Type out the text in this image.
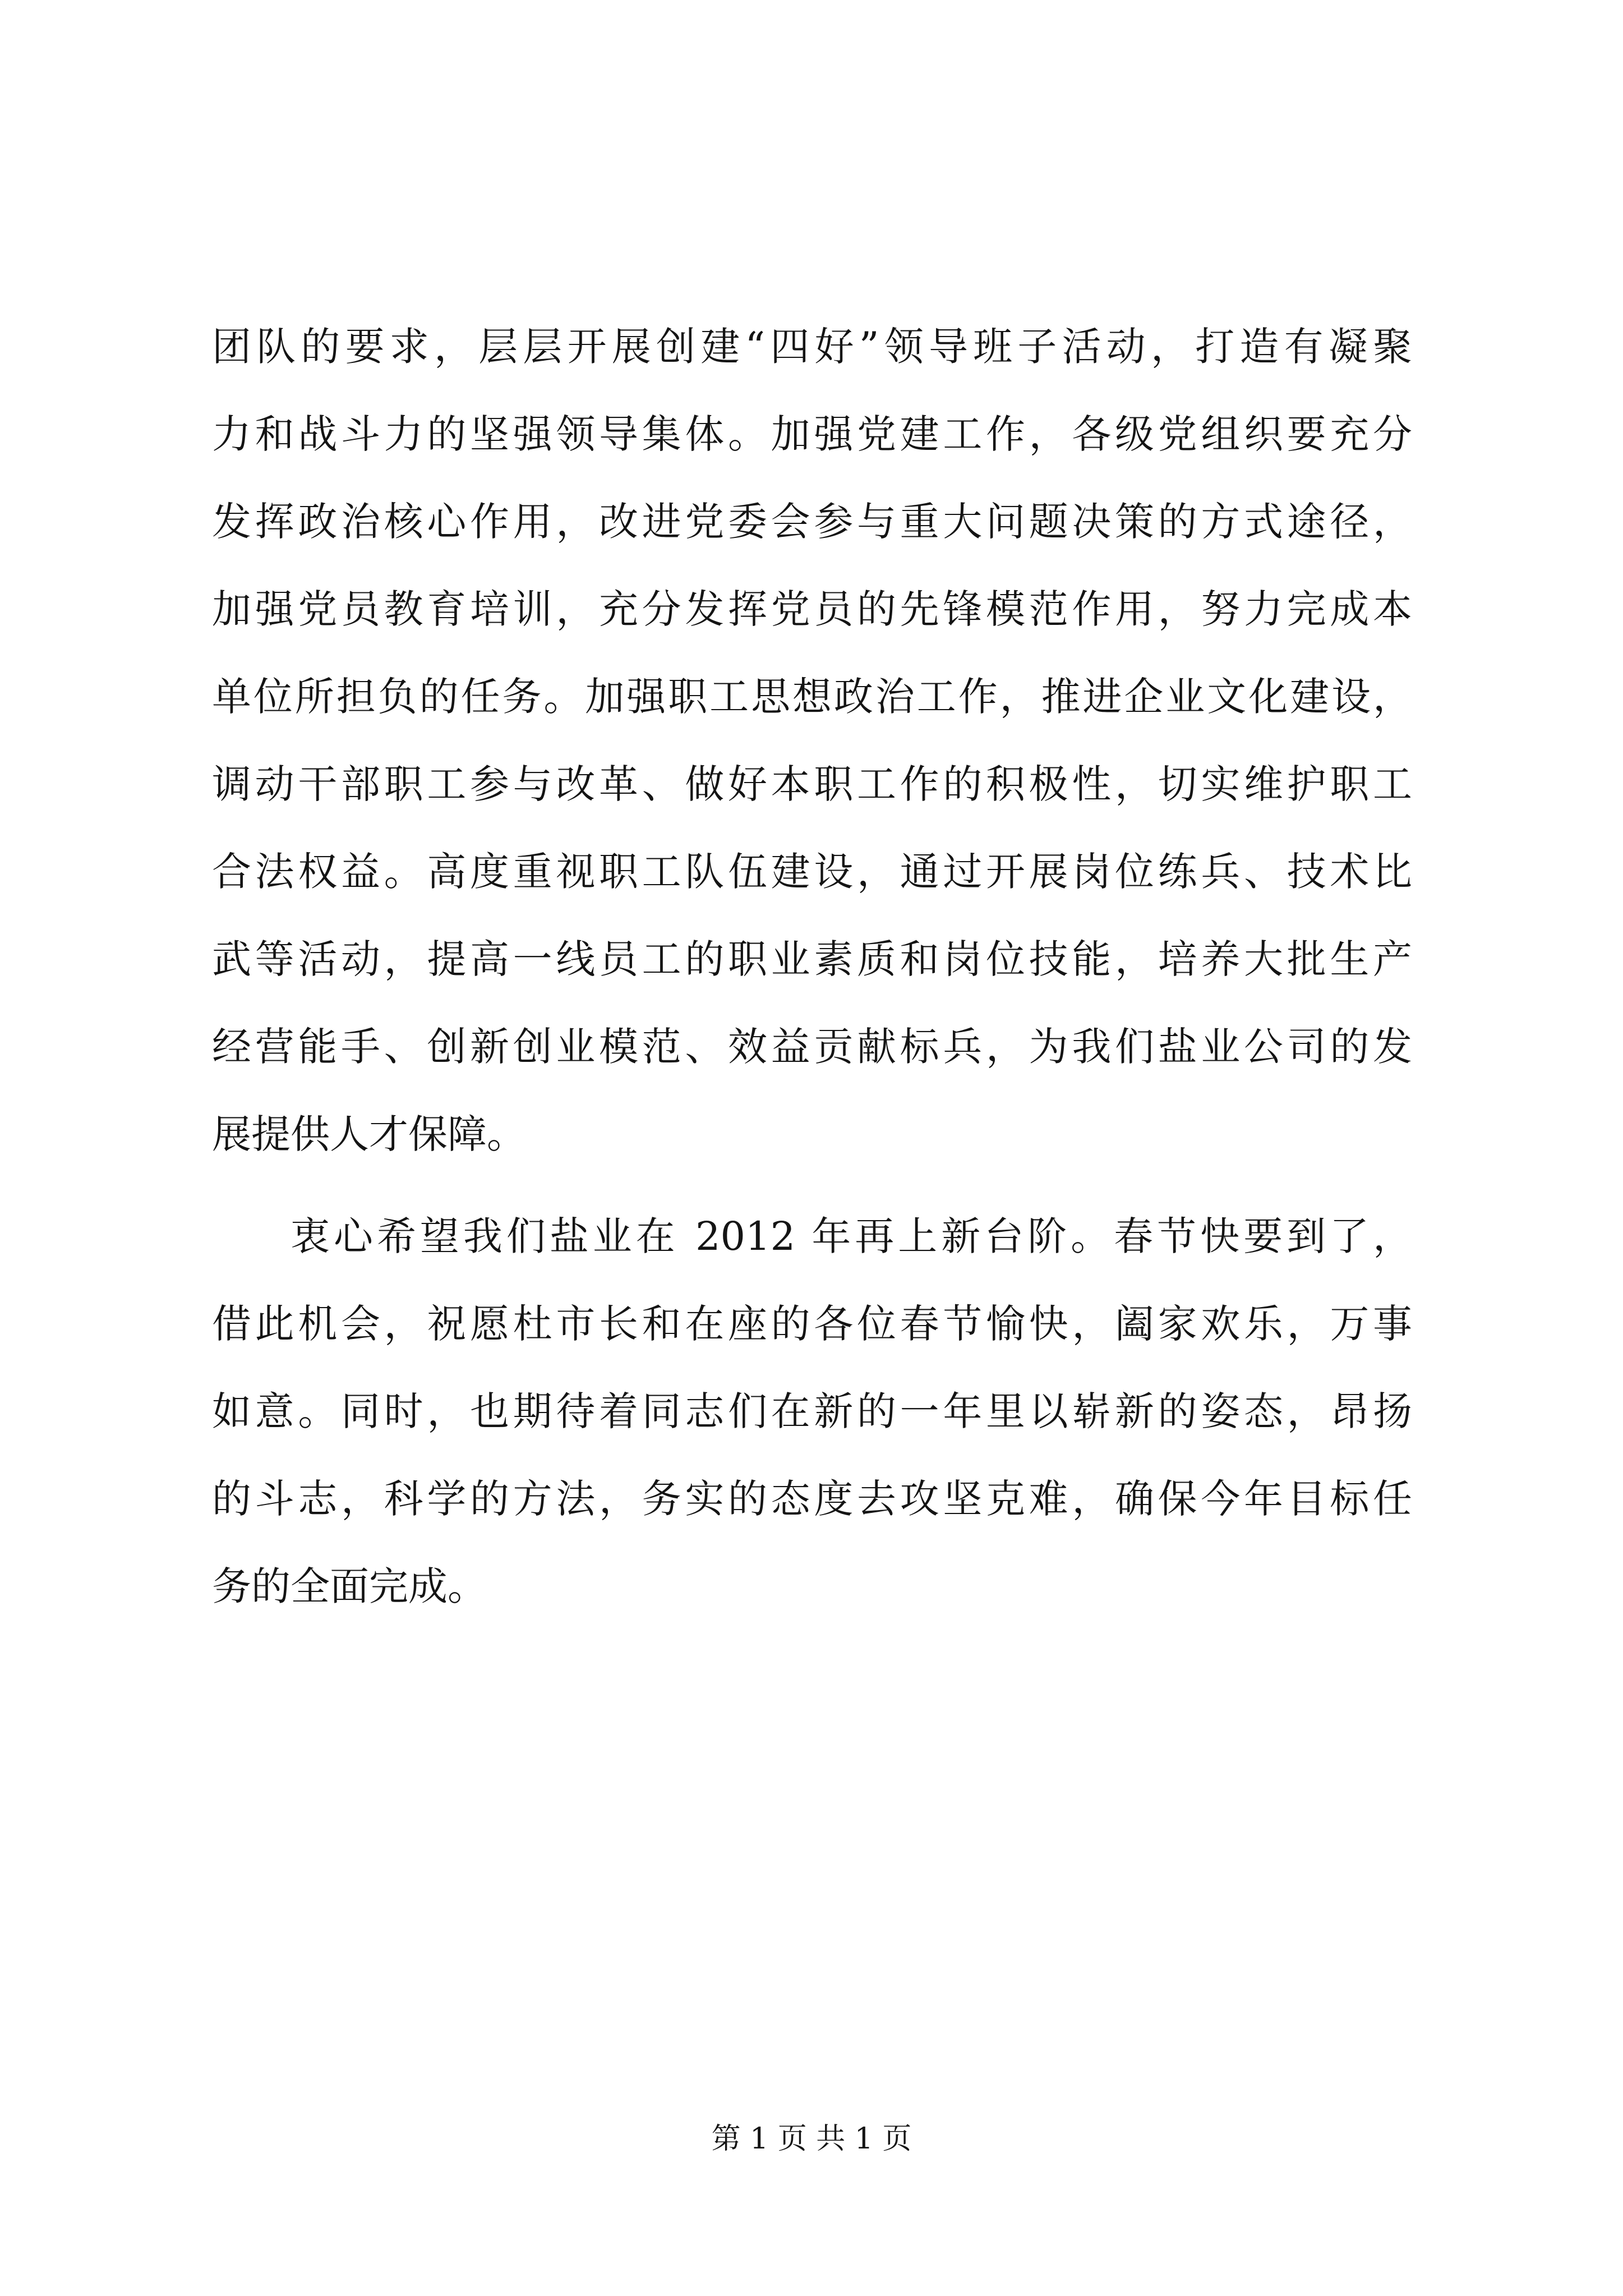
团队的要求，层层开展创建“四好”领导班子活动，打造有凝聚
力和战斗力的坚强领导集体。加强党建工作，各级党组织要充分
发挥政治核心作用，改进党委会参与重大问题决策的方式途径，
加强党员教育培训，充分发挥党员的先锋模范作用，努力完成本
单位所担负的任务。加强职工思想政治工作，推进企业文化建设，
调动干部职工参与改革、做好本职工作的积极性，切实维护职工
合法权益。高度重视职工队伍建设，通过开展岗位练兵、技术比
武等活动，提高一线员工的职业素质和岗位技能，培养大批生产
经营能手、创新创业模范、效益贡献标兵，为我们盐业公司的发
展提供人才保障。
衷心希望我们盐业在 2012 年再上新台阶。春节快要到了，
借此机会，祝愿杜市长和在座的各位春节愉快，阖家欢乐，万事
如意。同时，也期待着同志们在新的一年里以崭新的姿态，昂扬
的斗志，科学的方法，务实的态度去攻坚克难，确保今年目标任
务的全面完成。
第 1 页 共 1 页
